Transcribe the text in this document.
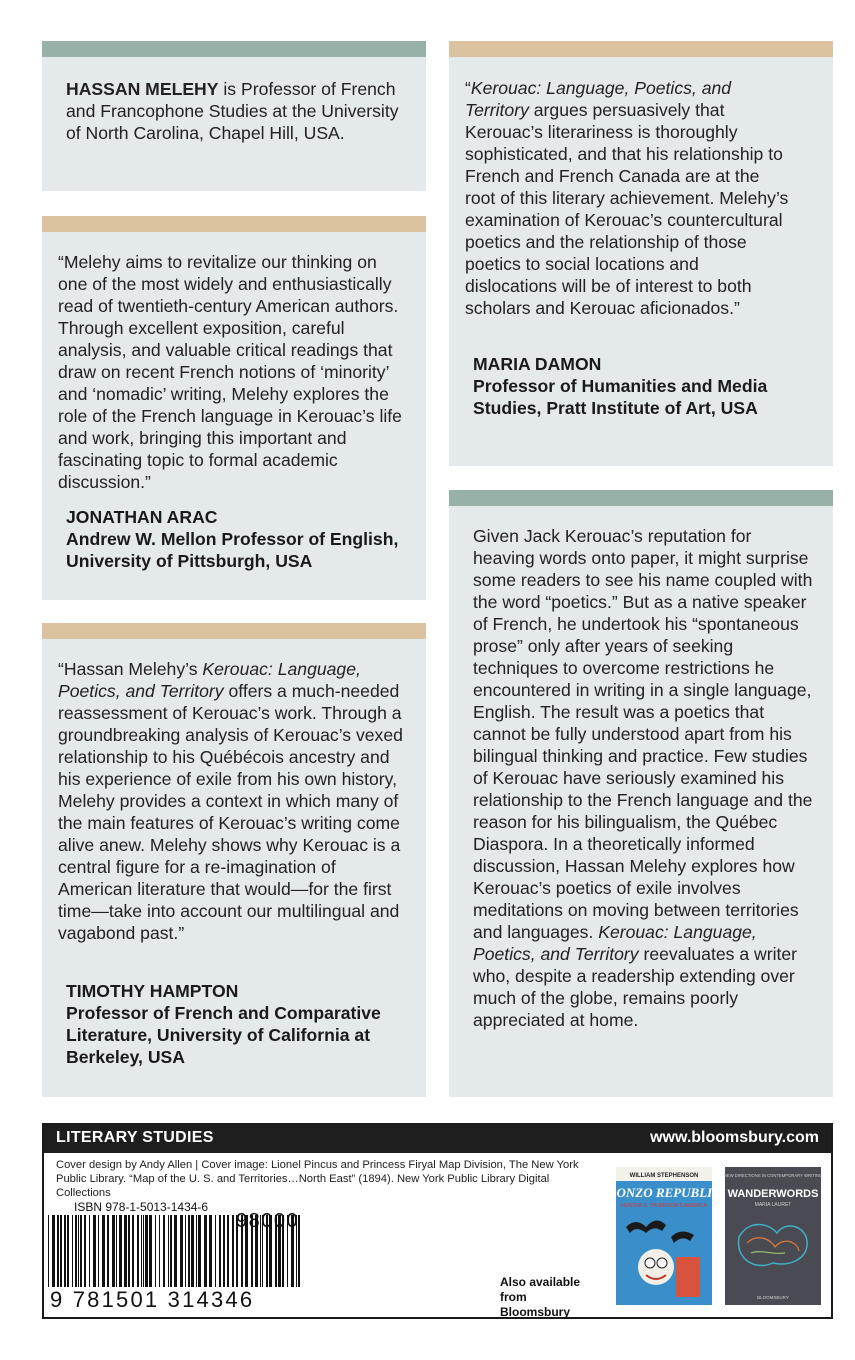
HASSAN MELEHY is Professor of French and Francophone Studies at the University of North Carolina, Chapel Hill, USA.
“Melehy aims to revitalize our thinking on one of the most widely and enthusiastically read of twentieth-century American authors. Through excellent exposition, careful analysis, and valuable critical readings that draw on recent French notions of ‘minority’ and ‘nomadic’ writing, Melehy explores the role of the French language in Kerouac’s life and work, bringing this important and fascinating topic to formal academic discussion.”
JONATHAN ARAC
Andrew W. Mellon Professor of English, University of Pittsburgh, USA
“Hassan Melehy’s Kerouac: Language, Poetics, and Territory offers a much-needed reassessment of Kerouac’s work. Through a groundbreaking analysis of Kerouac’s vexed relationship to his Québécois ancestry and his experience of exile from his own history, Melehy provides a context in which many of the main features of Kerouac’s writing come alive anew. Melehy shows why Kerouac is a central figure for a re-imagination of American literature that would—for the first time—take into account our multilingual and vagabond past.”
TIMOTHY HAMPTON
Professor of French and Comparative Literature, University of California at Berkeley, USA
“Kerouac: Language, Poetics, and Territory argues persuasively that Kerouac’s literariness is thoroughly sophisticated, and that his relationship to French and French Canada are at the root of this literary achievement. Melehy’s examination of Kerouac’s countercultural poetics and the relationship of those poetics to social locations and dislocations will be of interest to both scholars and Kerouac aficionados.”
MARIA DAMON
Professor of Humanities and Media Studies, Pratt Institute of Art, USA
Given Jack Kerouac’s reputation for heaving words onto paper, it might surprise some readers to see his name coupled with the word “poetics.” But as a native speaker of French, he undertook his “spontaneous prose” only after years of seeking techniques to overcome restrictions he encountered in writing in a single language, English. The result was a poetics that cannot be fully understood apart from his bilingual thinking and practice. Few studies of Kerouac have seriously examined his relationship to the French language and the reason for his bilingualism, the Québec Diaspora. In a theoretically informed discussion, Hassan Melehy explores how Kerouac’s poetics of exile involves meditations on moving between territories and languages. Kerouac: Language, Poetics, and Territory reevaluates a writer who, despite a readership extending over much of the globe, remains poorly appreciated at home.
LITERARY STUDIES	www.bloomsbury.com
Cover design by Andy Allen | Cover image: Lionel Pincus and Princess Firyal Map Division, The New York Public Library. “Map of the U. S. and Territories…North East” (1894). New York Public Library Digital Collections
ISBN 978-1-5013-1434-6
98000
9 781501 314346
Also available from Bloomsbury
WILLIAM STEPHENSON
GONZO REPUBLIC
HUNTER S. THOMPSON’S AMERICA
NEW DIRECTIONS IN CONTEMPORARY WRITING
WANDERWORDS
MARIA LAURET
BLOOMSBURY
